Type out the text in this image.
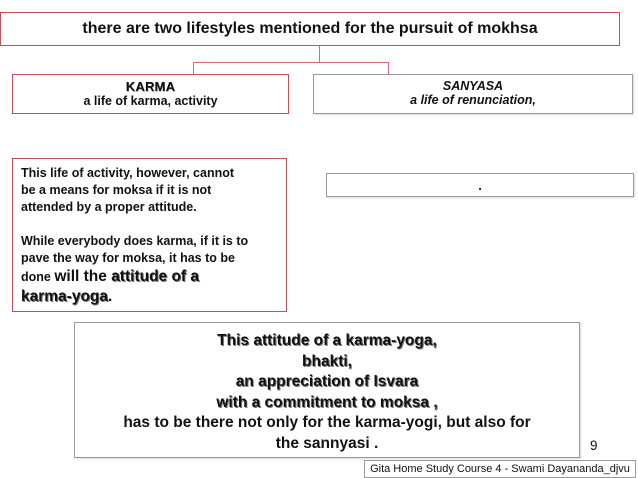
there are two lifestyles mentioned for the pursuit of mokhsa
KARMA
a life of karma, activity
SANYASA
a life of renunciation,
This life of activity, however, cannot
be a means for moksa if it is not
attended by a proper attitude.
While everybody does karma, if it is to
pave the way for moksa, it has to be
done will the attitude of a
karma-yoga.
.
This attitude of a karma-yoga,
bhakti,
an appreciation of Isvara
with a commitment to moksa ,
has to be there not only for the karma-yogi, but also for
the sannyasi .	9
Gita Home Study Course 4 - Swami Dayananda_djvu
